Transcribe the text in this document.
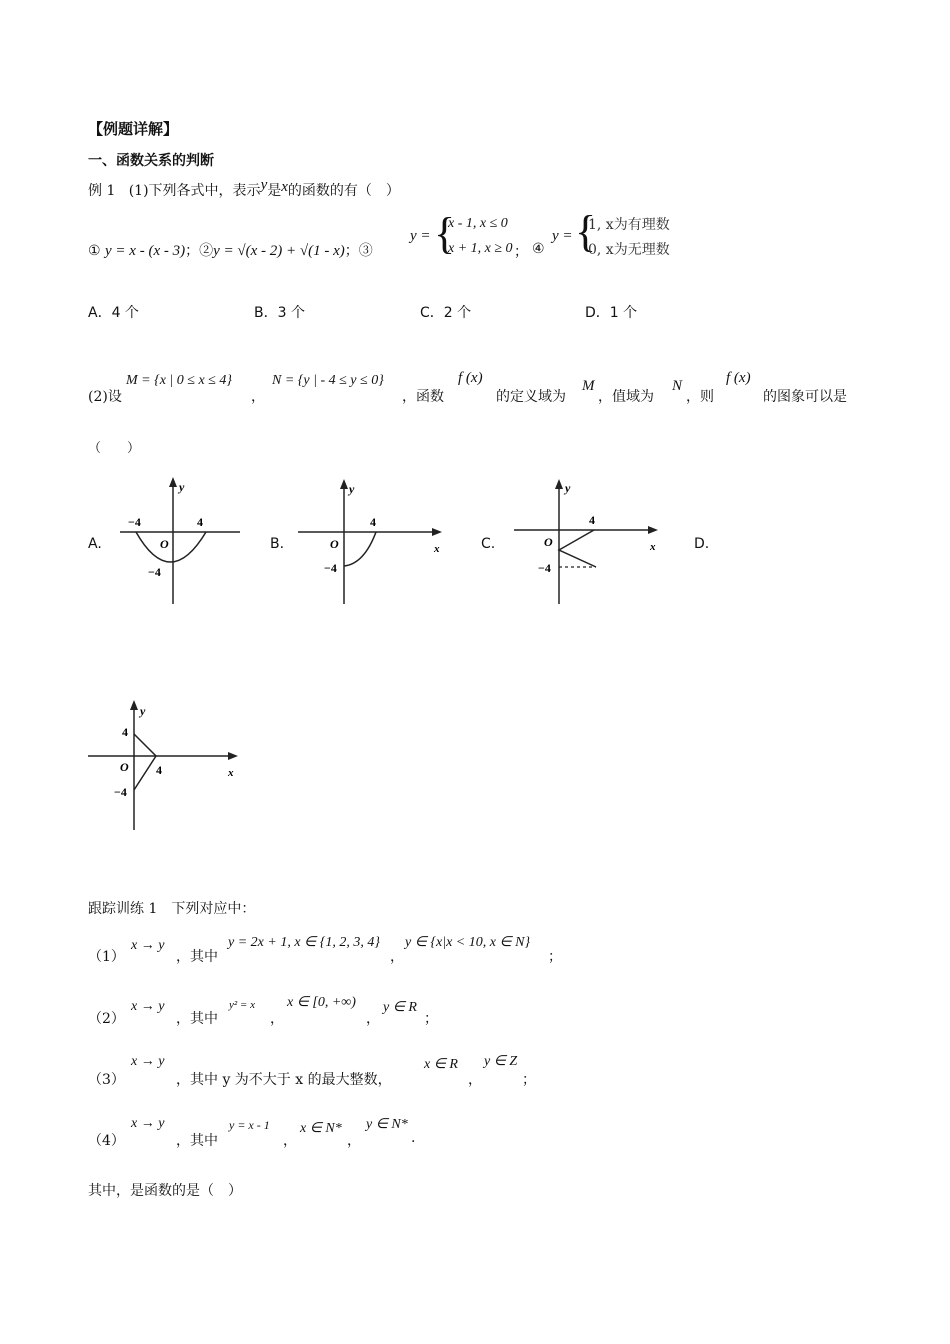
【例题详解】
一、函数关系的判断
例 1 (1)下列各式中，表示y是x的函数的有（　）
① y = x - (x - 3)；②y = √(x - 2) + √(1 - x)；③
y = {
x - 1, x ≤ 0
x + 1, x ≥ 0 ； ④
y = {
1, x为有理数
0, x为无理数
A．4 个	B．3 个	C．2 个	D．1 个
(2)设
M = {x | 0 ≤ x ≤ 4}
，
N = {y | - 4 ≤ y ≤ 0}
，函数
f (x)
的定义域为
M
，值域为
N
，则
f (x)
的图象可以是
（　　）
A.	B.	C.	D.
y
−4	4
O
−4
y
4
O
−4
x
y
4
O
−4
x
y
4
O 4
−4
x
跟踪训练 1　下列对应中：
（1）
x → y
，其中
y = 2x + 1, x ∈ {1, 2, 3, 4}
，
y ∈ {x|x < 10, x ∈ N}
；
（2）
x → y
，其中
y² = x
，
x ∈ [0, +∞)
，
y ∈ R
；
（3）
x → y
，其中 y 为不大于 x 的最大整数，
x ∈ R
，
y ∈ Z
；
（4）
x → y
，其中
y = x - 1
，
x ∈ N*
，
y ∈ N*
.
其中，是函数的是（　）
